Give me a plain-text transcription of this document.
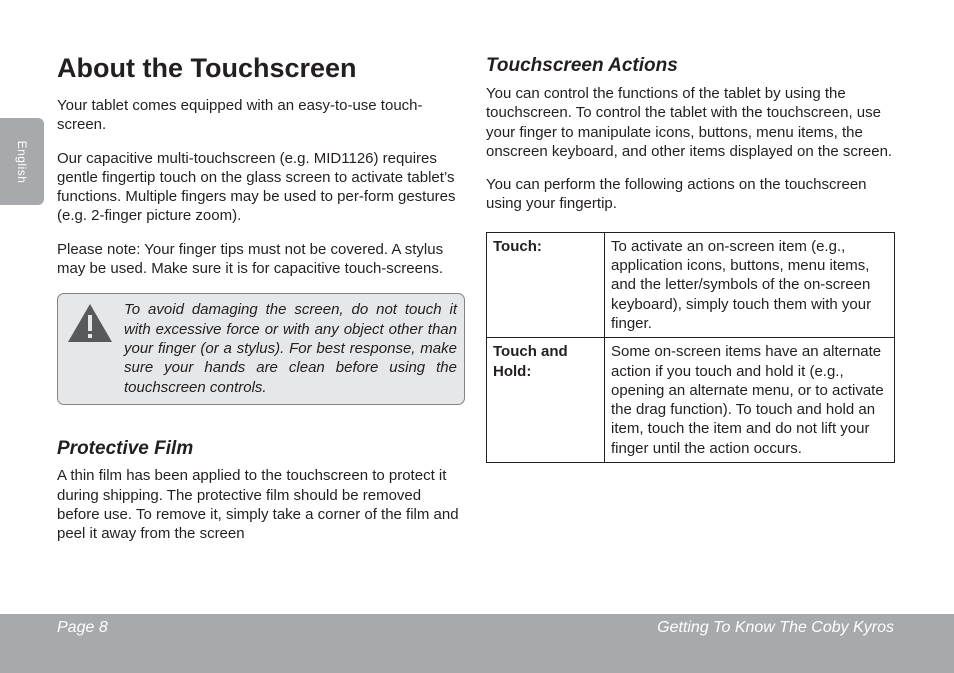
English
About the Touchscreen

Your tablet comes equipped with an easy-to-use touch-screen.

Our capacitive multi-touchscreen (e.g. MID1126) requires gentle fingertip touch on the glass screen to activate tablet’s functions. Multiple fingers may be used to per-form gestures (e.g. 2-finger picture zoom).

Please note: Your finger tips must not be covered. A stylus may be used. Make sure it is for capacitive touch-screens.

To avoid damaging the screen, do not touch it with excessive force or with any object other than your finger (or a stylus). For best response, make sure your hands are clean before using the touchscreen controls.

Protective Film

A thin film has been applied to the touchscreen to protect it during shipping. The protective film should be removed before use. To remove it, simply take a corner of the film and peel it away from the screen

Touchscreen Actions

You can control the functions of the tablet by using the touchscreen. To control the tablet with the touchscreen, use your finger to manipulate icons, buttons, menu items, the onscreen keyboard, and other items displayed on the screen.

You can perform the following actions on the touchscreen using your fingertip.

Touch:	To activate an on-screen item (e.g., application icons, buttons, menu items, and the letter/symbols of the on-screen keyboard), simply touch them with your finger.
Touch and Hold:	Some on-screen items have an alternate action if you touch and hold it (e.g., opening an alternate menu, or to activate the drag function). To touch and hold an item, touch the item and do not lift your finger until the action occurs.
Page 8	Getting To Know The Coby Kyros
